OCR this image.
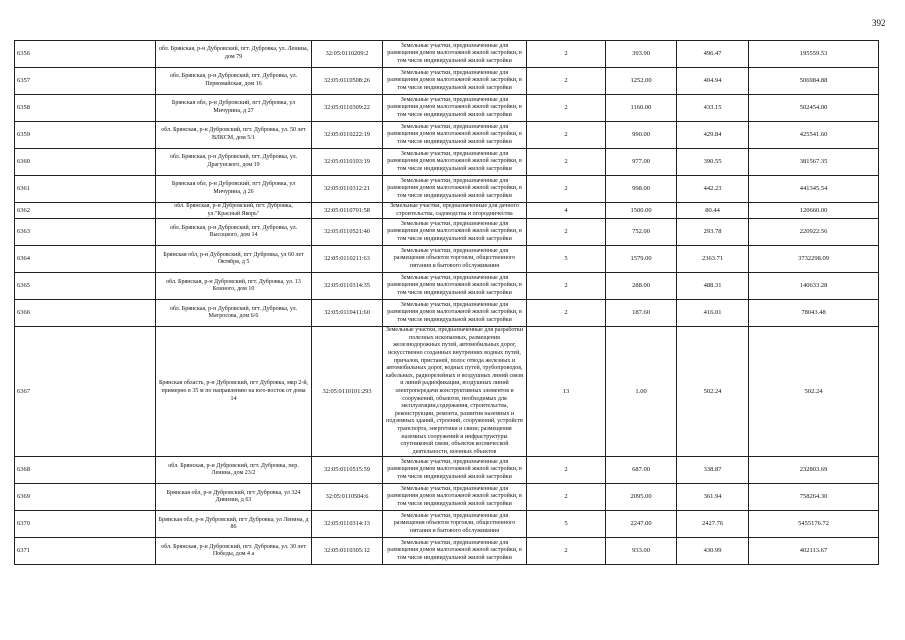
392
6356	обл. Брянская, р-н Дубровский, пгт. Дубровка, ул. Ленина, дом 79	32:05:0110209:2	Земельные участки, предназначенные для размещения домов малоэтажной жилой застройки, в том числе индивидуальной жилой застройки	2	393.90	496.47	195559.53
6357	обл. Брянская, р-н Дубровский, пгт. Дубровка, ул. Первомайская, дом 16	32:05:0110508:26	Земельные участки, предназначенные для размещения домов малоэтажной жилой застройки, в том числе индивидуальной жилой застройки	2	1252.00	404.94	506984.88
6358	Брянская обл, р-н Дубровский, пгт Дубровка, ул Мичурина, д 27	32:05:0110309:22	Земельные участки, предназначенные для размещения домов малоэтажной жилой застройки, в том числе индивидуальной жилой застройки	2	1160.00	433.15	502454.00
6359	обл. Брянская, р-н Дубровский, пгт. Дубровка, ул. 50 лет ВЛКСМ, дом 5/1	32:05:0110222:19	Земельные участки, предназначенные для размещения домов малоэтажной жилой застройки, в том числе индивидуальной жилой застройки	2	990.00	429.84	425541.60
6360	обл. Брянская, р-н Дубровский, пгт. Дубровка, ул. Драгунского, дом 19	32:05:0110103:19	Земельные участки, предназначенные для размещения домов малоэтажной жилой застройки, в том числе индивидуальной жилой застройки	2	977.00	390.55	381567.35
6361	Брянская обл, р-н Дубровский, пгт Дубровка, ул Мичурина, д 26	32:05:0110312:21	Земельные участки, предназначенные для размещения домов малоэтажной жилой застройки, в том числе индивидуальной жилой застройки	2	998.00	442.23	441345.54
6362	обл. Брянская, р-н Дубровский, пгт. Дубровка, ул."Красный Якорь"	32:05:0110701:58	Земельные участки, предназначенные для дачного строительства, садоводства и огородничества	4	1500.00	80.44	120660.00
6363	обл. Брянская, р-н Дубровский, пгт. Дубровка, ул. Высоцкого, дом 14	32:05:0110521:40	Земельные участки, предназначенные для размещения домов малоэтажной жилой застройки, в том числе индивидуальной жилой застройки	2	752.00	293.78	220922.56
6364	Брянская обл, р-н Дубровский, пгт Дубровка, ул 60 лет Октября, д 5	32:05:0110211:63	Земельные участки, предназначенные для размещения объектов торговли, общественного питания и бытового обслуживания	5	1579.00	2363.71	3732298.09
6365	обл. Брянская, р-н Дубровский, пгт. Дубровка, ул. 13 Конного, дом 10	32:05:0110314:35	Земельные участки, предназначенные для размещения домов малоэтажной жилой застройки, в том числе индивидуальной жилой застройки	2	288.00	488.31	140633.28
6366	обл. Брянская, р-н Дубровский, пгт. Дубровка, ул. Матросова, дом 6/6	32:05:0110411:60	Земельные участки, предназначенные для размещения домов малоэтажной жилой застройки, в том числе индивидуальной жилой застройки	2	187.60	416.01	78043.48
6367	Брянская область, р-н Дубровский, пгт Дубровка, мкр 2-й, примерно в 35 м по направлению на юго-восток от дома 14	32:05:0110101:293	Земельные участки, предназначенные для разработки полезных ископаемых, размещения железнодорожных путей, автомобильных дорог, искусственно созданных внутренних водных путей, причалов, пристаней, полос отвода железных и автомобильных дорог, водных путей, трубопроводов, кабельных, радиорелейных и воздушных линий связи и линий радиофикации, воздушных линий электропередачи конструктивных элементов и сооружений, объектов, необходимых для эксплуатации,содержания, строительства, реконструкции, ремонта, развития наземных и подземных зданий, строений, сооружений, устройств транспорта, энергетики и связи; размещения наземных сооружений и инфраструктуры спутниковой связи, объектов космической деятельности, военных объектов	13	1.00	502.24	502.24
6368	обл. Брянская, р-н Дубровский, пгт. Дубровка, пер. Ленина, дом 23/2	32:05:0110515:59	Земельные участки, предназначенные для размещения домов малоэтажной жилой застройки, в том числе индивидуальной жилой застройки	2	687.00	338.87	232803.69
6369	Брянская обл, р-н Дубровский, пгт Дубровка, ул 324 Дивизии, д 63	32:05:0110504:6	Земельные участки, предназначенные для размещения домов малоэтажной жилой застройки, в том числе индивидуальной жилой застройки	2	2095.00	361.94	758264.30
6370	Брянская обл, р-н Дубровский, пгт Дубровка, ул Ленина, д 86	32:05:0110314:13	Земельные участки, предназначенные для размещения объектов торговли, общественного питания и бытового обслуживания	5	2247.00	2427.76	5455176.72
6371	обл. Брянская, р-н Дубровский, пгт. Дубровка, ул. 30 лет Победы, дом 4 а	32:05:0110305:12	Земельные участки, предназначенные для размещения домов малоэтажной жилой застройки, в том числе индивидуальной жилой застройки	2	933.00	430.99	402113.67
